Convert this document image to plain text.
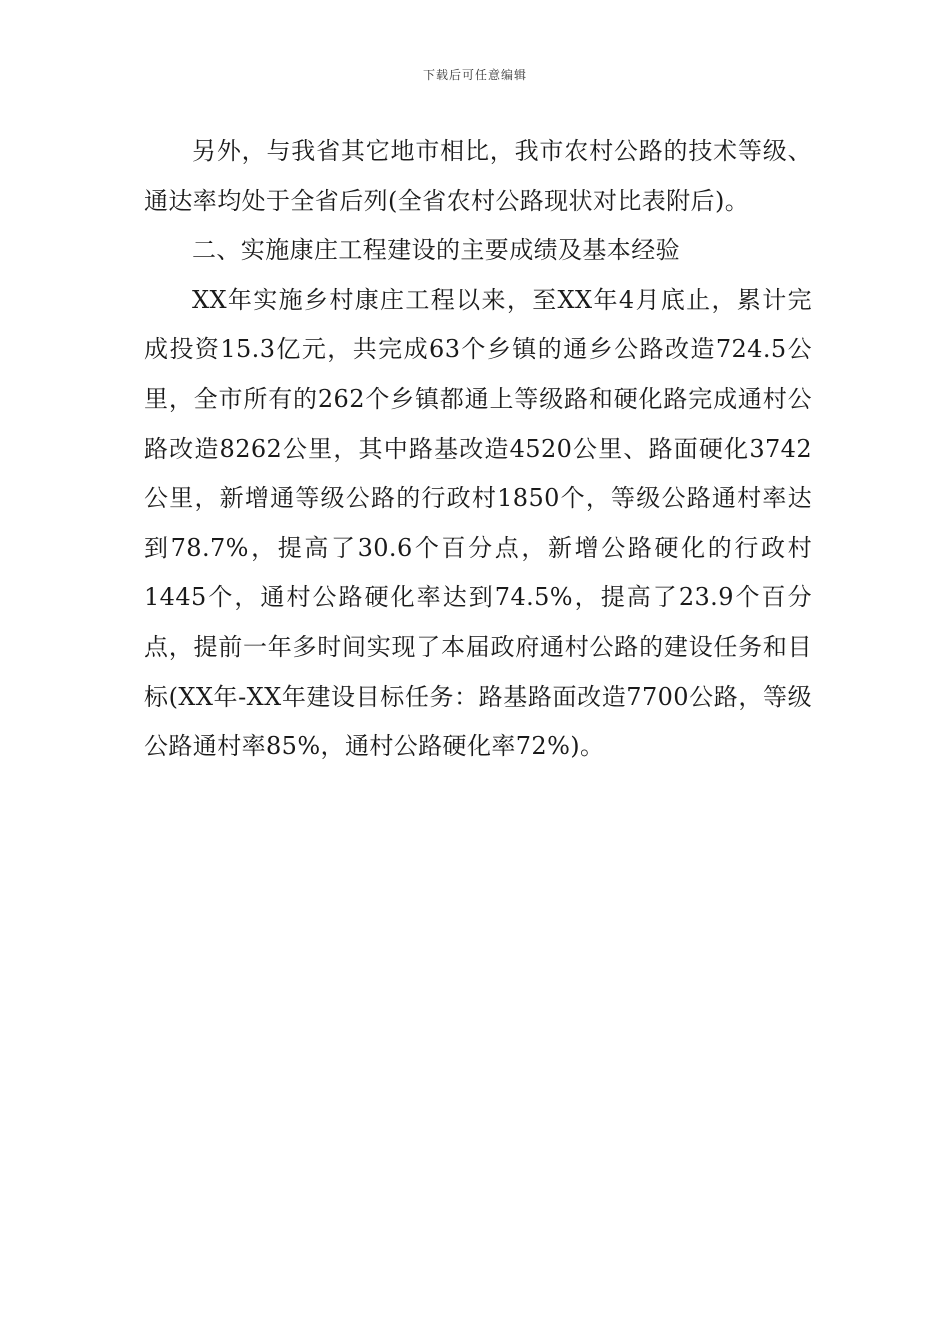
下载后可任意编辑

另外，与我省其它地市相比，我市农村公路的技术等级、通达率均处于全省后列(全省农村公路现状对比表附后)。

二、实施康庄工程建设的主要成绩及基本经验

XX年实施乡村康庄工程以来，至XX年4月底止，累计完成投资15.3亿元，共完成63个乡镇的通乡公路改造724.5公里，全市所有的262个乡镇都通上等级路和硬化路完成通村公路改造8262公里，其中路基改造4520公里、路面硬化3742公里，新增通等级公路的行政村1850个，等级公路通村率达到78.7%，提高了30.6个百分点，新增公路硬化的行政村1445个，通村公路硬化率达到74.5%，提高了23.9个百分点，提前一年多时间实现了本届政府通村公路的建设任务和目标(XX年-XX年建设目标任务：路基路面改造7700公路，等级公路通村率85%，通村公路硬化率72%)。
